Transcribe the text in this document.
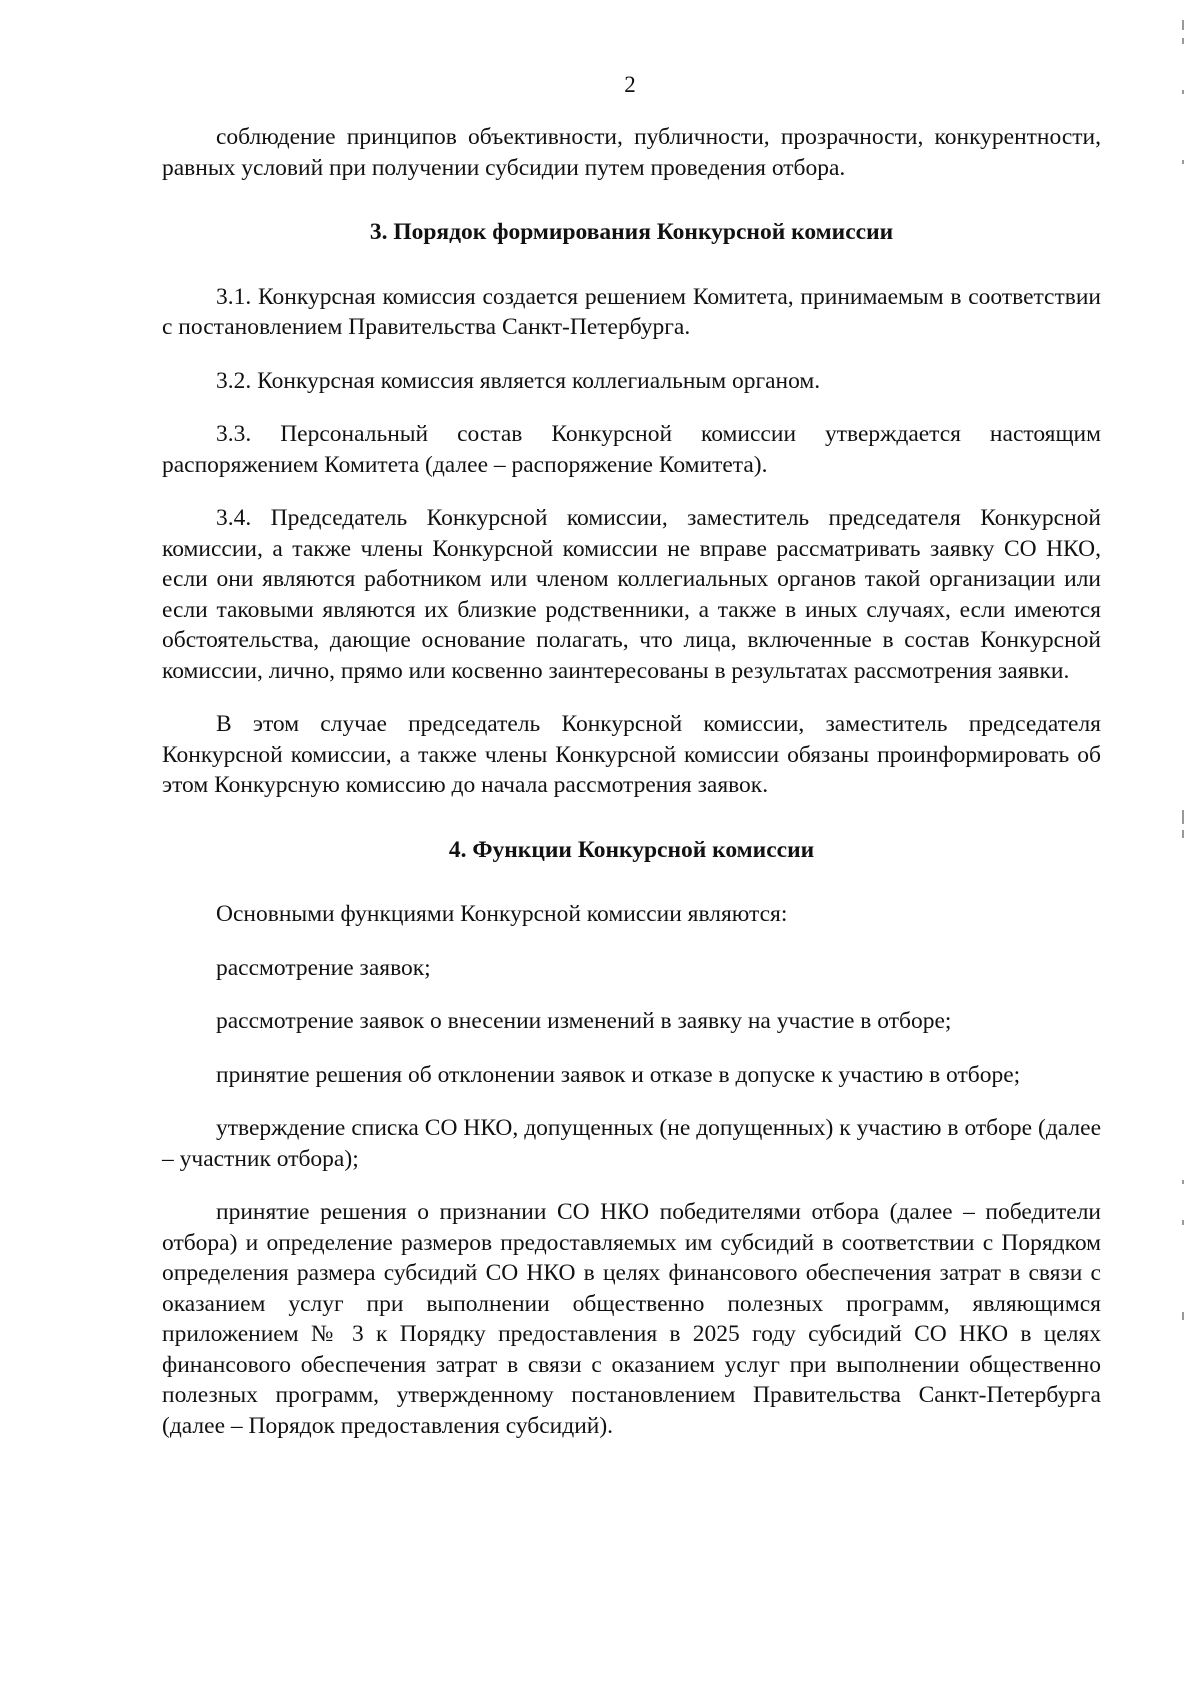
2

соблюдение принципов объективности, публичности, прозрачности, конкурентности, равных условий при получении субсидии путем проведения отбора.

3. Порядок формирования Конкурсной комиссии

3.1. Конкурсная комиссия создается решением Комитета, принимаемым в соответствии с постановлением Правительства Санкт-Петербурга.

3.2. Конкурсная комиссия является коллегиальным органом.

3.3. Персональный состав Конкурсной комиссии утверждается настоящим распоряжением Комитета (далее – распоряжение Комитета).

3.4. Председатель Конкурсной комиссии, заместитель председателя Конкурсной комиссии, а также члены Конкурсной комиссии не вправе рассматривать заявку СО НКО, если они являются работником или членом коллегиальных органов такой организации или если таковыми являются их близкие родственники, а также в иных случаях, если имеются обстоятельства, дающие основание полагать, что лица, включенные в состав Конкурсной комиссии, лично, прямо или косвенно заинтересованы в результатах рассмотрения заявки.

В этом случае председатель Конкурсной комиссии, заместитель председателя Конкурсной комиссии, а также члены Конкурсной комиссии обязаны проинформировать об этом Конкурсную комиссию до начала рассмотрения заявок.

4. Функции Конкурсной комиссии

Основными функциями Конкурсной комиссии являются:

рассмотрение заявок;

рассмотрение заявок о внесении изменений в заявку на участие в отборе;

принятие решения об отклонении заявок и отказе в допуске к участию в отборе;

утверждение списка СО НКО, допущенных (не допущенных) к участию в отборе (далее – участник отбора);

принятие решения о признании СО НКО победителями отбора (далее – победители отбора) и определение размеров предоставляемых им субсидий в соответствии с Порядком определения размера субсидий СО НКО в целях финансового обеспечения затрат в связи с оказанием услуг при выполнении общественно полезных программ, являющимся приложением № 3 к Порядку предоставления в 2025 году субсидий СО НКО в целях финансового обеспечения затрат в связи с оказанием услуг при выполнении общественно полезных программ, утвержденному постановлением Правительства Санкт-Петербурга (далее – Порядок предоставления субсидий).
